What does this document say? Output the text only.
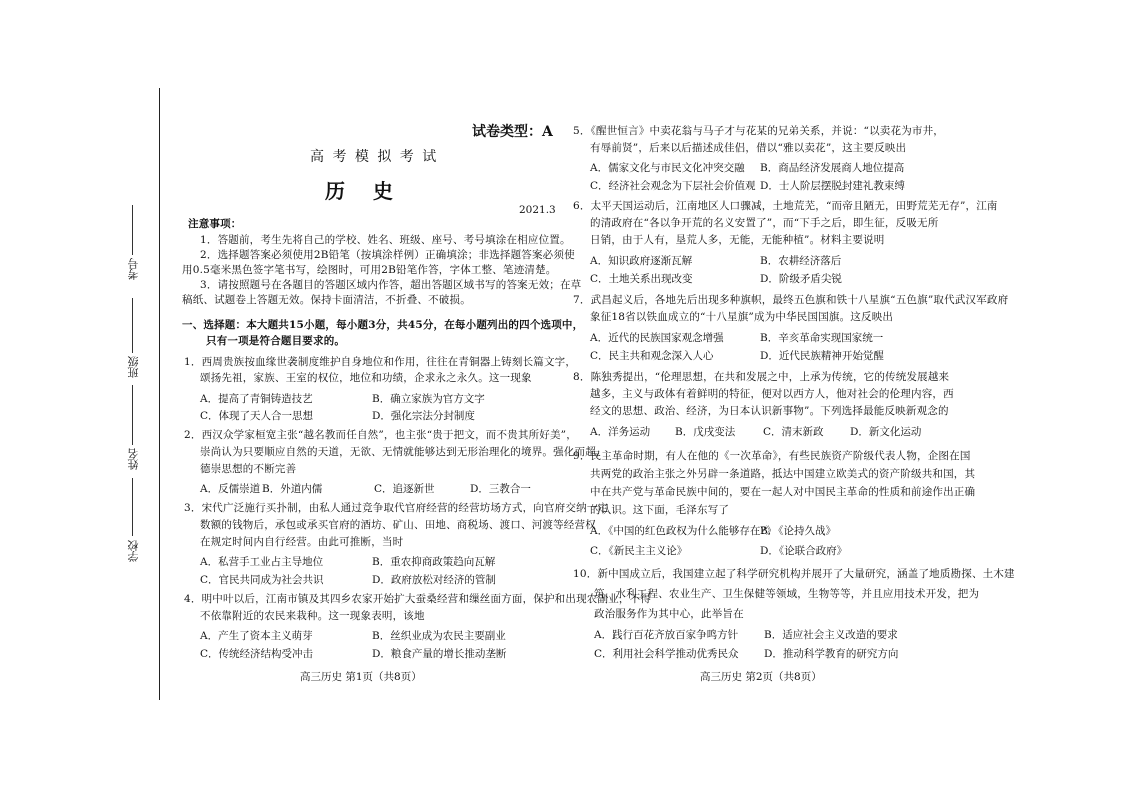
考号
班级
姓名
学校
试卷类型：A
高 考 模 拟 考 试
历    史
2021.3
注意事项：
1．答题前，考生先将自己的学校、姓名、班级、座号、考号填涂在相应位置。
2．选择题答案必须使用2B铅笔（按填涂样例）正确填涂；非选择题答案必须使
用0.5毫米黑色签字笔书写，绘图时，可用2B铅笔作答，字体工整、笔迹清楚。
3．请按照题号在各题目的答题区域内作答，超出答题区域书写的答案无效；在草
稿纸、试题卷上答题无效。保持卡面清洁，不折叠、不破损。
一、选择题：本大题共15小题，每小题3分，共45分，在每小题列出的四个选项中，
只有一项是符合题目要求的。
1．西周贵族按血缘世袭制度维护自身地位和作用，往往在青铜器上铸刻长篇文字，
颂扬先祖，家族、王室的权位，地位和功绩，企求永之永久。这一现象
A．提高了青铜铸造技艺	B．确立家族为官方文字
C．体现了天人合一思想	D．强化宗法分封制度
2．西汉众学家桓宽主张“越名教而任自然”，也主张“贵于把文，而不贵其所好美”，
崇尚认为只要顺应自然的天道，无欲、无情就能够达到无形治理化的境界。强化而超，
德崇思想的不断完善
A．反儒崇道 B．外道内儒	C．追逐新世	D．三教合一
3．宋代广泛施行买扑制，由私人通过竞争取代官府经营的经营坊场方式，向官府交纳一定
数额的钱物后，承包或承买官府的酒坊、矿山、田地、商税场、渡口、河渡等经营权
在规定时间内自行经营。由此可推断，当时
A．私营手工业占主导地位	B．重农抑商政策趋向瓦解
C．官民共同成为社会共识	D．政府放松对经济的管制
4．明中叶以后，江南市镇及其四乡农家开始扩大蚕桑经营和缫丝面方面，保护和出现农副业，不得
不依靠附近的农民来栽种。这一现象表明，该地
A．产生了资本主义萌芽	B．丝织业成为农民主要副业
C．传统经济结构受冲击	D．粮食产量的增长推动垄断
高三历史 第1页（共8页）
5．《醒世恒言》中卖花翁与马子才与花某的兄弟关系，并说：“以卖花为市井，
有辱前贤”，后来以后描述成佳侣，借以“雅以卖花”，这主要反映出
A．儒家文化与市民文化冲突交融 B．商品经济发展商人地位提高
C．经济社会观念为下层社会价值观 D．士人阶层摆脱封建礼教束缚
6．太平天国运动后，江南地区人口骤减，土地荒芜，“而帝且陋无，田野荒芜无存”，江南
的清政府在“各以争开荒的名义安置了”，而“下手之后，即生征，反吸无所
日销，由于人有，垦荒人多，无能，无能种植”。材料主要说明
A．知识政府逐渐瓦解	B．农耕经济落后
C．土地关系出现改变	D．阶级矛盾尖锐
7．武昌起义后，各地先后出现多种旗帜，最终五色旗和铁十八星旗“五色旗”取代武汉军政府
象征18省以铁血成立的“十八星旗”成为中华民国国旗。这反映出
A．近代的民族国家观念增强	B．辛亥革命实现国家统一
C．民主共和观念深入人心	D．近代民族精神开始觉醒
8．陈独秀提出，“伦理思想，在共和发展之中，上承为传统，它的传统发展越来
越多，主义与政体有着鲜明的特征，便对以西方人，他对社会的伦理内容，西
经文的思想、政治、经济，为日本认识新事物”。下列选择最能反映新观念的
A．洋务运动 B．戊戌变法	C．清末新政	D．新文化运动
9．民主革命时期，有人在他的《一次革命》，有些民族资产阶级代表人物，企图在国
共两党的政治主张之外另辟一条道路，抵达中国建立欧美式的资产阶级共和国，其
中在共产党与革命民族中间的，要在一起人对中国民主革命的性质和前途作出正确
的认识。这下面，毛泽东写了
A．《中国的红色政权为什么能够存在?》
B．《论持久战》
C．《新民主主义论》	D．《论联合政府》
10．新中国成立后，我国建立起了科学研究机构并展开了大量研究，涵盖了地质勘探、土木建
筑、水利工程、农业生产、卫生保健等领域，生物等等，并且应用技术开发，把为
政治服务作为其中心，此举旨在
A．践行百花齐放百家争鸣方针 B．适应社会主义改造的要求
C．利用社会科学推动优秀民众 D．推动科学教育的研究方向
高三历史 第2页（共8页）
